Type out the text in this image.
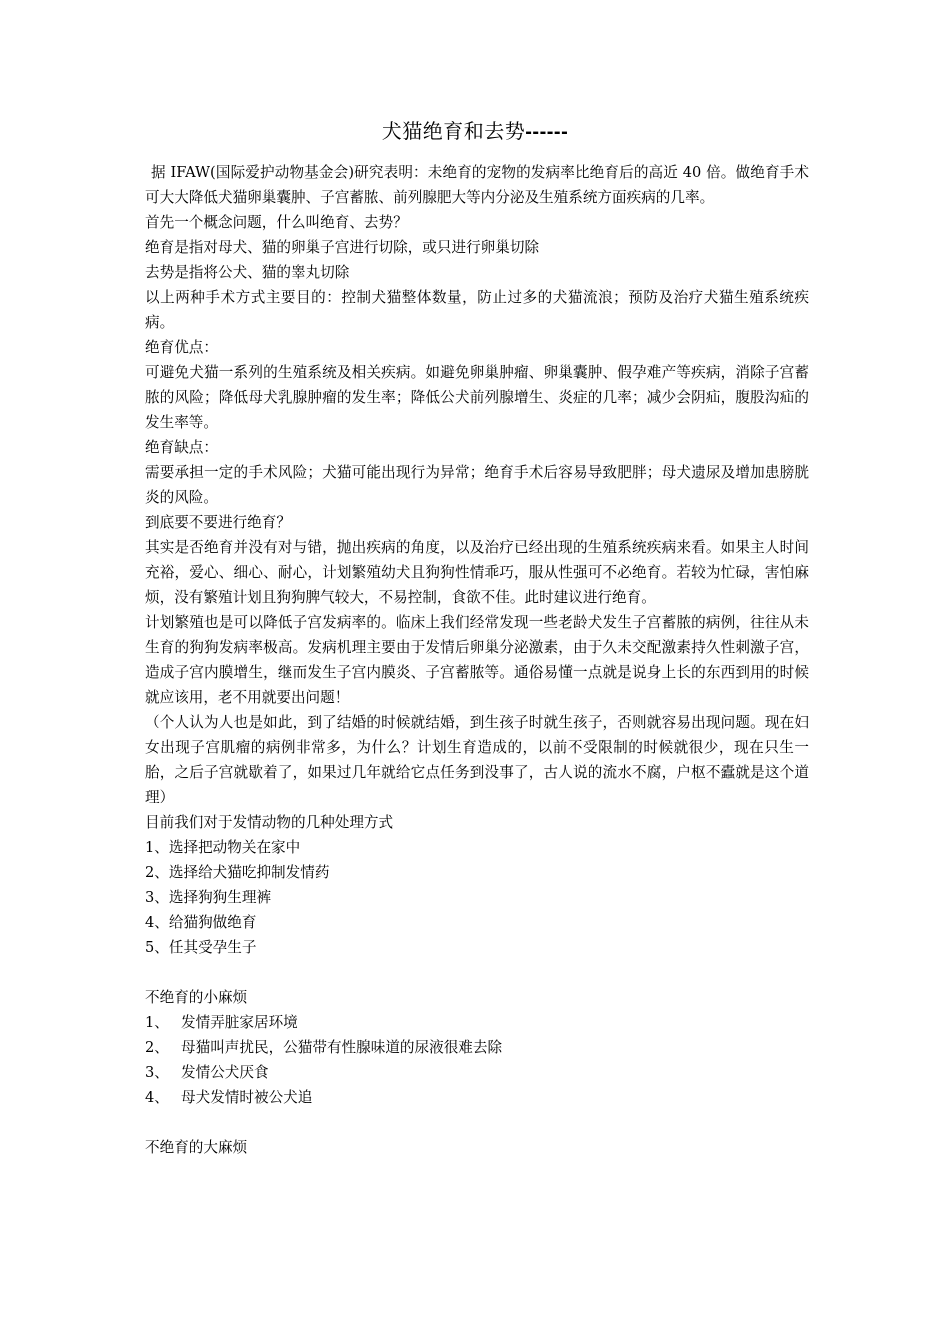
犬猫绝育和去势------

据 IFAW(国际爱护动物基金会)研究表明：未绝育的宠物的发病率比绝育后的高近 40 倍。做绝育手术可大大降低犬猫卵巢囊肿、子宫蓄脓、前列腺肥大等内分泌及生殖系统方面疾病的几率。

首先一个概念问题，什么叫绝育、去势？

绝育是指对母犬、猫的卵巢子宫进行切除，或只进行卵巢切除

去势是指将公犬、猫的睾丸切除

以上两种手术方式主要目的：控制犬猫整体数量，防止过多的犬猫流浪；预防及治疗犬猫生殖系统疾病。

绝育优点：

可避免犬猫一系列的生殖系统及相关疾病。如避免卵巢肿瘤、卵巢囊肿、假孕难产等疾病，消除子宫蓄脓的风险；降低母犬乳腺肿瘤的发生率；降低公犬前列腺增生、炎症的几率；减少会阴疝，腹股沟疝的发生率等。

绝育缺点：

需要承担一定的手术风险；犬猫可能出现行为异常；绝育手术后容易导致肥胖；母犬遗尿及增加患膀胱炎的风险。

到底要不要进行绝育？

其实是否绝育并没有对与错，抛出疾病的角度，以及治疗已经出现的生殖系统疾病来看。如果主人时间充裕，爱心、细心、耐心，计划繁殖幼犬且狗狗性情乖巧，服从性强可不必绝育。若较为忙碌，害怕麻烦，没有繁殖计划且狗狗脾气较大，不易控制，食欲不佳。此时建议进行绝育。

计划繁殖也是可以降低子宫发病率的。临床上我们经常发现一些老龄犬发生子宫蓄脓的病例，往往从未生育的狗狗发病率极高。发病机理主要由于发情后卵巢分泌激素，由于久未交配激素持久性刺激子宫，造成子宫内膜增生，继而发生子宫内膜炎、子宫蓄脓等。通俗易懂一点就是说身上长的东西到用的时候就应该用，老不用就要出问题！

（个人认为人也是如此，到了结婚的时候就结婚，到生孩子时就生孩子，否则就容易出现问题。现在妇女出现子宫肌瘤的病例非常多，为什么？计划生育造成的，以前不受限制的时候就很少，现在只生一胎，之后子宫就歇着了，如果过几年就给它点任务到没事了，古人说的流水不腐，户枢不蠹就是这个道理）

目前我们对于发情动物的几种处理方式

1、选择把动物关在家中

2、选择给犬猫吃抑制发情药

3、选择狗狗生理裤

4、给猫狗做绝育

5、任其受孕生子

不绝育的小麻烦

1、 发情弄脏家居环境

2、 母猫叫声扰民，公猫带有性腺味道的尿液很难去除

3、 发情公犬厌食

4、 母犬发情时被公犬追

不绝育的大麻烦
